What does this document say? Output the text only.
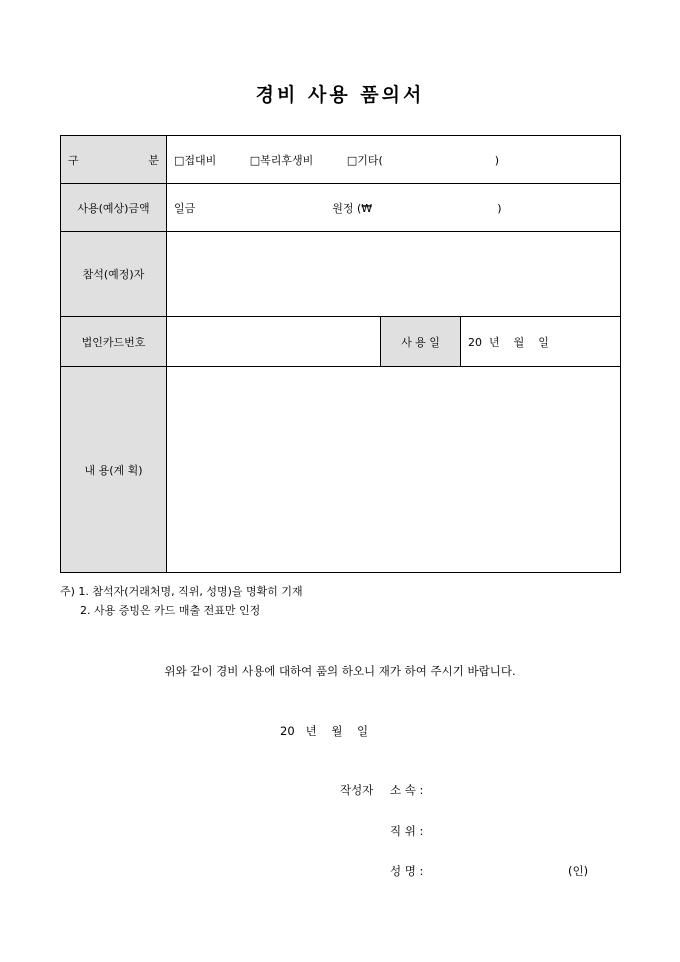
경비 사용 품의서
구 분	□접대비 □복리후생비 □기타( )		
사용(예상)금액	일금 원정 (₩ )		
참석(예정)자			
법인카드번호		사 용 일	20  년    월    일
내 용(계 획)			
주) 1. 참석자(거래처명, 직위, 성명)을 명확히 기재
2. 사용 증빙은 카드 매출 전표만 인정
위와 같이 경비 사용에 대하여 품의 하오니 재가 하여 주시기 바랍니다.
20   년    월    일
작성자 소 속 :
직 위 :
성 명 :	(인)
